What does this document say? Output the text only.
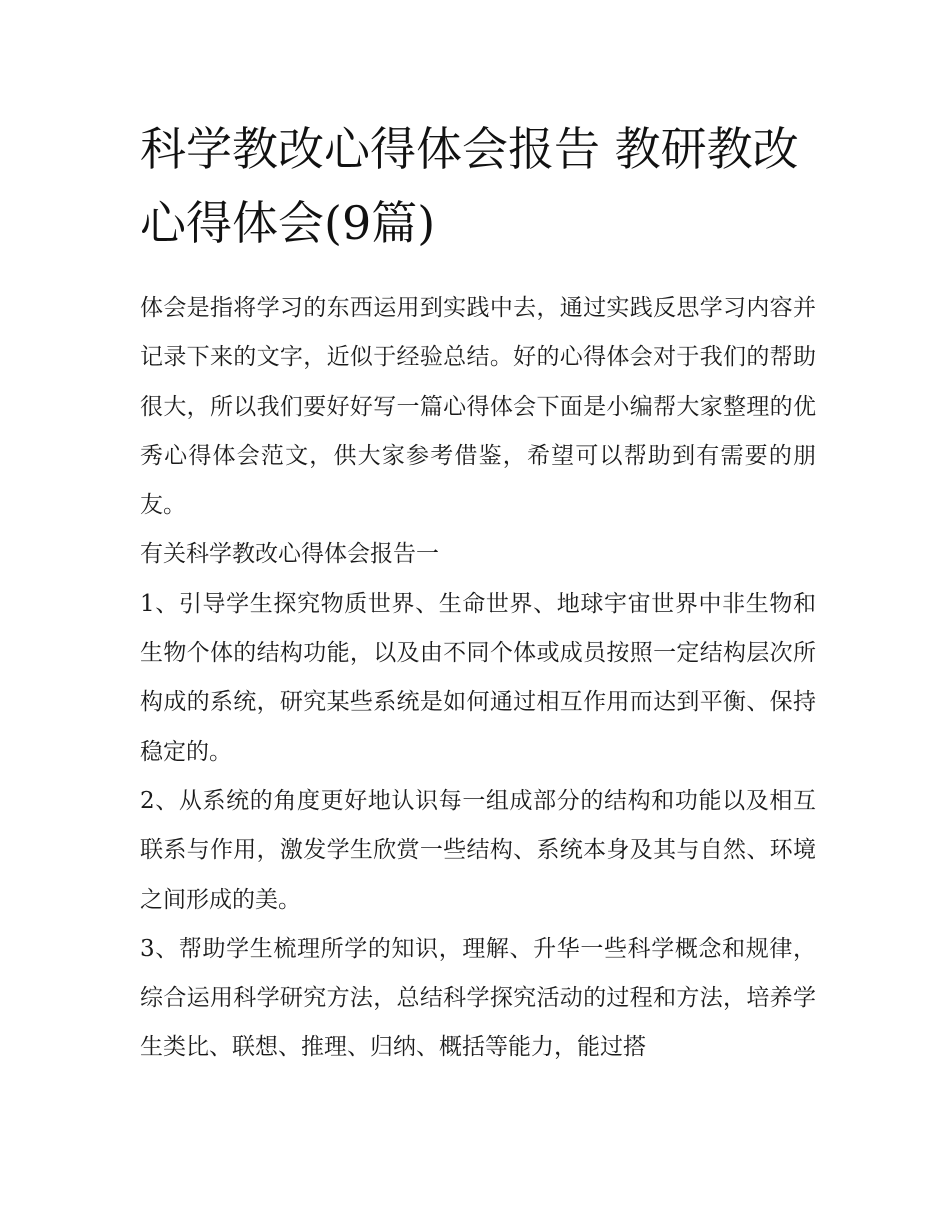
科学教改心得体会报告 教研教改心得体会(9篇)

体会是指将学习的东西运用到实践中去，通过实践反思学习内容并记录下来的文字，近似于经验总结。好的心得体会对于我们的帮助很大，所以我们要好好写一篇心得体会下面是小编帮大家整理的优秀心得体会范文，供大家参考借鉴，希望可以帮助到有需要的朋友。

有关科学教改心得体会报告一

1、引导学生探究物质世界、生命世界、地球宇宙世界中非生物和生物个体的结构功能，以及由不同个体或成员按照一定结构层次所构成的系统，研究某些系统是如何通过相互作用而达到平衡、保持稳定的。

2、从系统的角度更好地认识每一组成部分的结构和功能以及相互联系与作用，激发学生欣赏一些结构、系统本身及其与自然、环境之间形成的美。

3、帮助学生梳理所学的知识，理解、升华一些科学概念和规律，综合运用科学研究方法，总结科学探究活动的过程和方法，培养学生类比、联想、推理、归纳、概括等能力，能过搭
